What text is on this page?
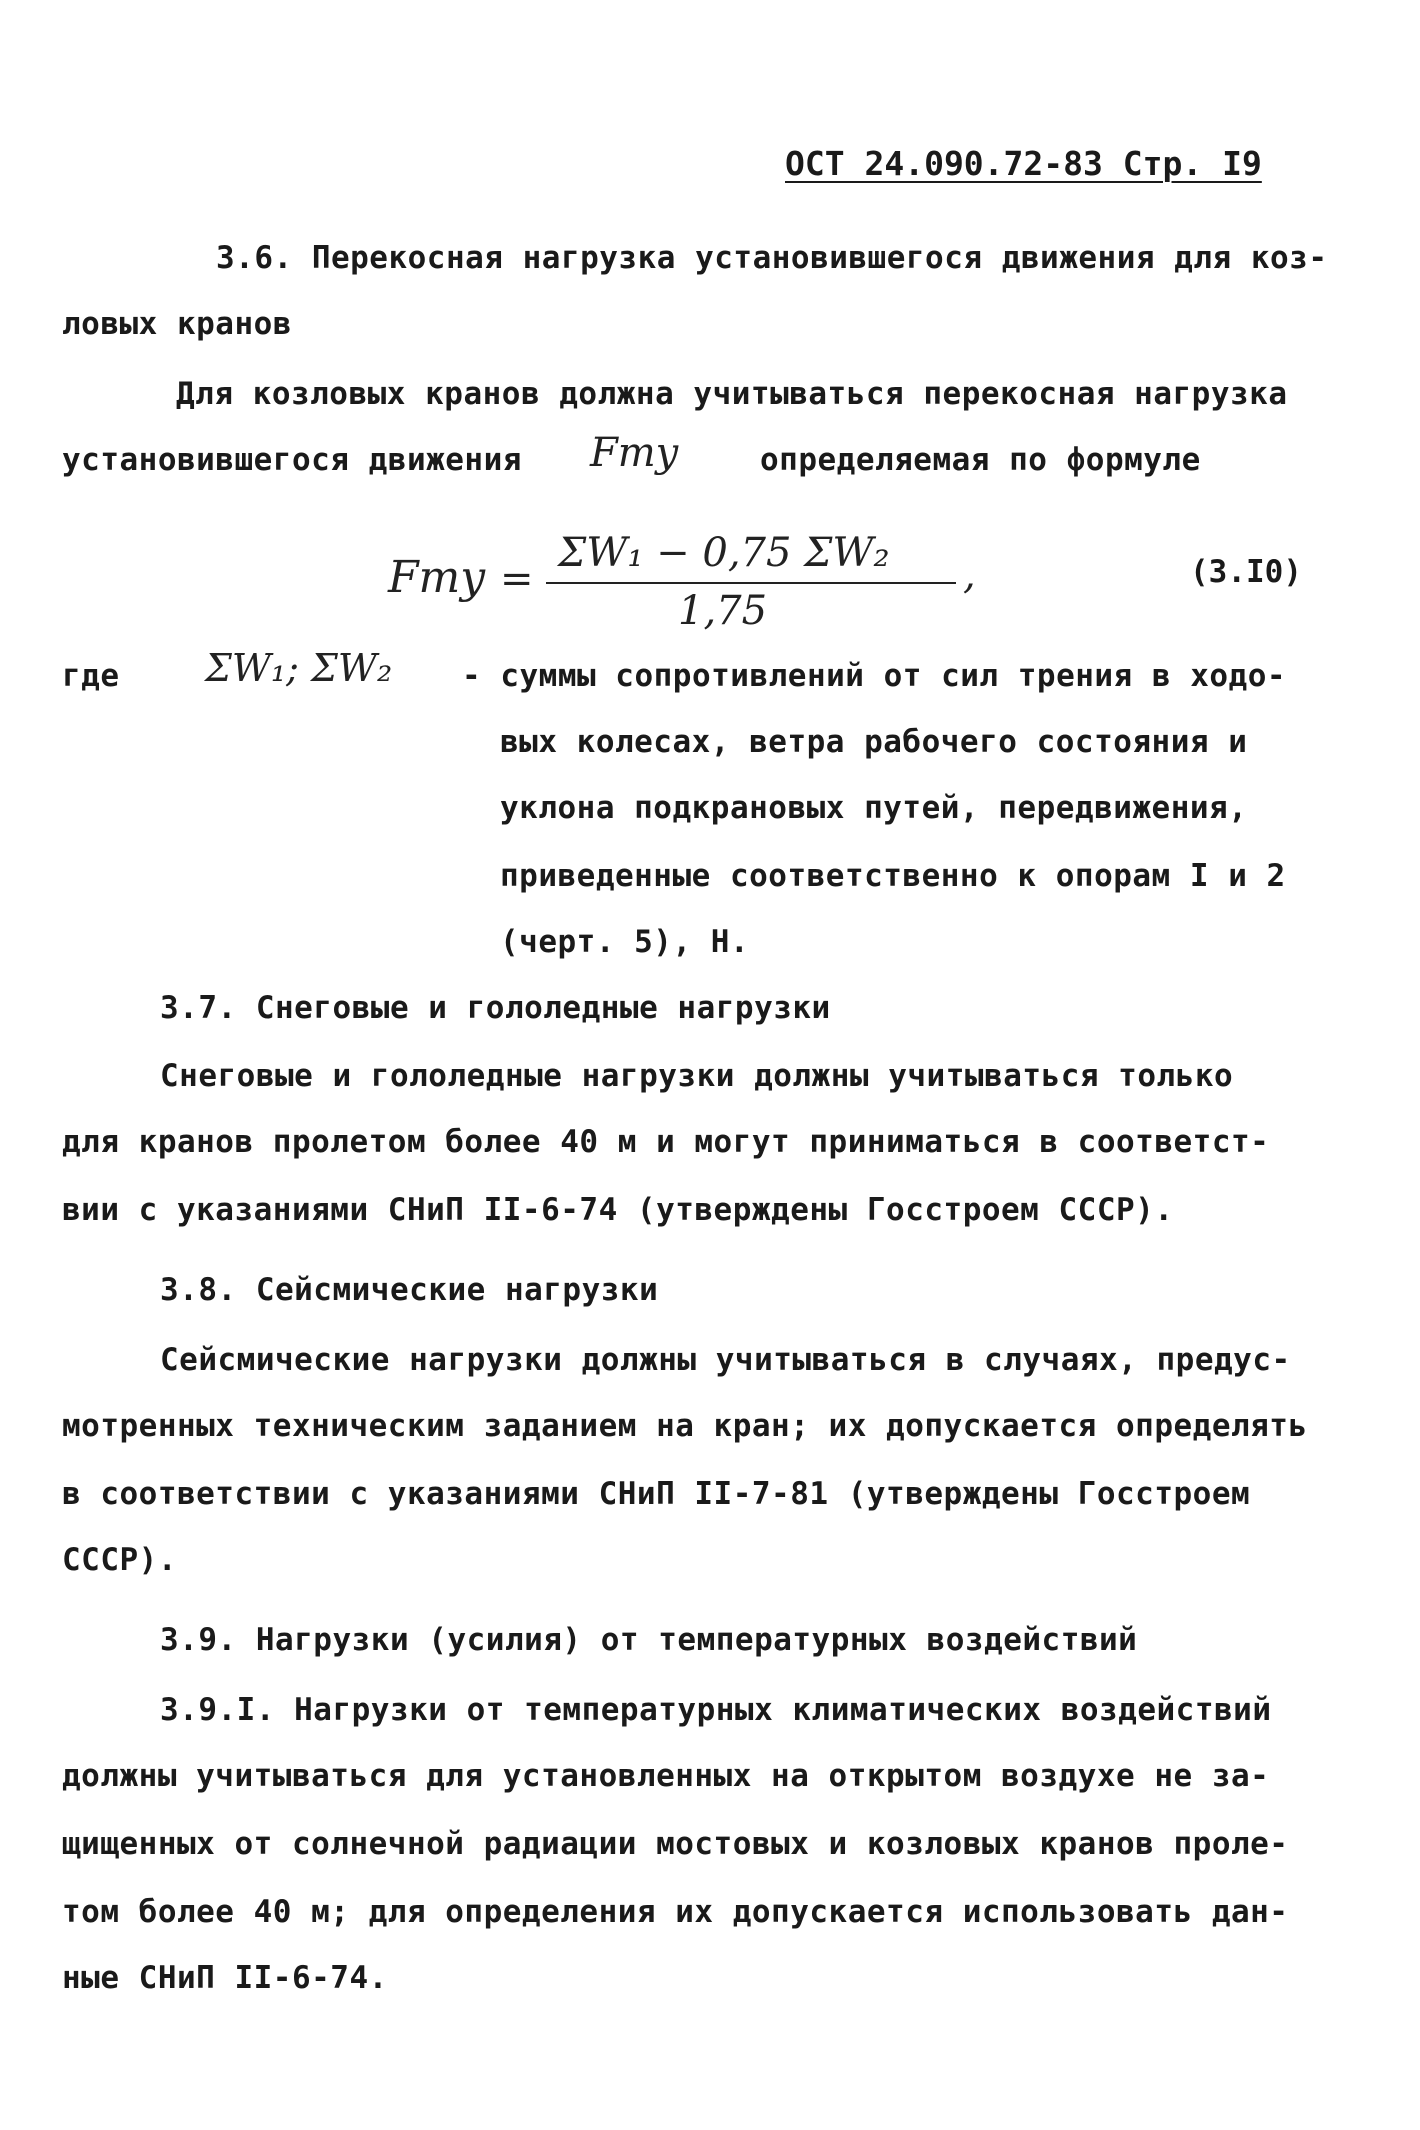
ОСТ 24.090.72-83 Стр. I9
3.6. Перекосная нагрузка установившегося движения для коз-
ловых кранов
Для козловых кранов должна учитываться перекосная нагрузка
установившегося движения Fту	определяемая по формуле
Fту =
ΣW₁ − 0,75 ΣW₂
1,75
,	(3.I0)
где ΣW₁; ΣW₂ - суммы сопротивлений от сил трения в ходо-
вых колесах, ветра рабочего состояния и
уклона подкрановых путей, передвижения,
приведенные соответственно к опорам I и 2
(черт. 5), Н.
3.7. Снеговые и гололедные нагрузки
Снеговые и гололедные нагрузки должны учитываться только
для кранов пролетом более 40 м и могут приниматься в соответст-
вии с указаниями СНиП II-6-74 (утверждены Госстроем СССР).
3.8. Сейсмические нагрузки
Сейсмические нагрузки должны учитываться в случаях, предус-
мотренных техническим заданием на кран; их допускается определять
в соответствии с указаниями СНиП II-7-81 (утверждены Госстроем
СССР).
3.9. Нагрузки (усилия) от температурных воздействий
3.9.I. Нагрузки от температурных климатических воздействий
должны учитываться для установленных на открытом воздухе не за-
щищенных от солнечной радиации мостовых и козловых кранов проле-
том более 40 м; для определения их допускается использовать дан-
ные СНиП II-6-74.
